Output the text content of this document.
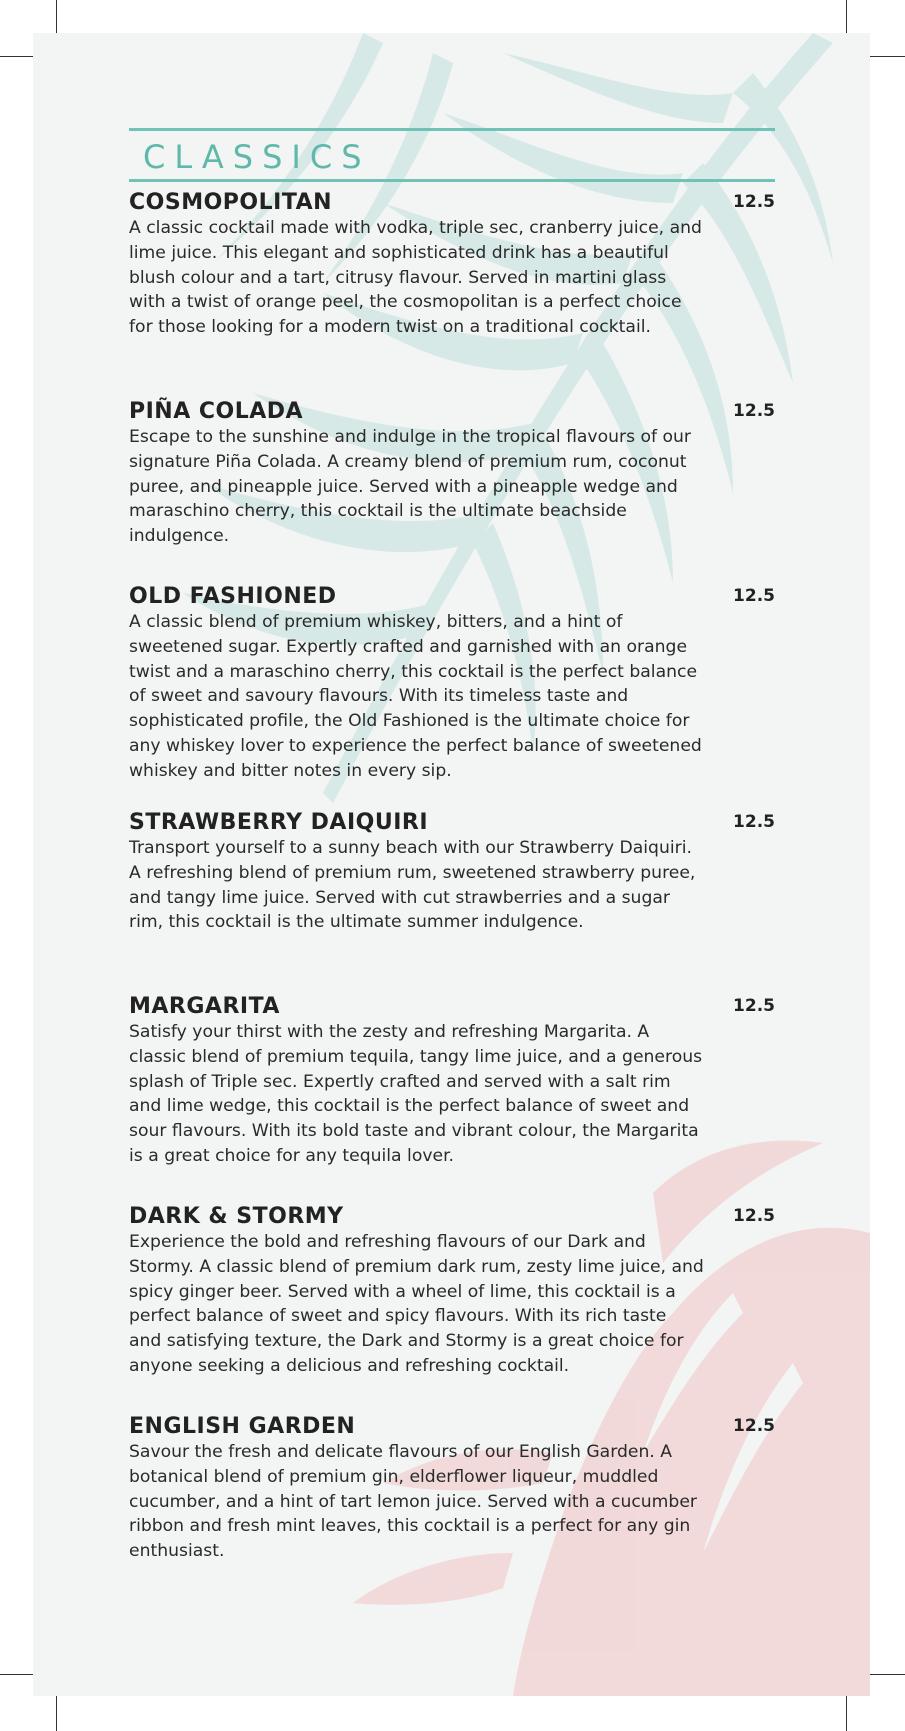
CLASSICS
COSMOPOLITAN	12.5

A classic cocktail made with vodka, triple sec, cranberry juice, and lime juice. This elegant and sophisticated drink has a beautiful blush colour and a tart, citrusy flavour. Served in martini glass with a twist of orange peel, the cosmopolitan is a perfect choice for those looking for a modern twist on a traditional cocktail.

PIÑA COLADA	12.5

Escape to the sunshine and indulge in the tropical flavours of our signature Piña Colada. A creamy blend of premium rum, coconut puree, and pineapple juice. Served with a pineapple wedge and maraschino cherry, this cocktail is the ultimate beachside indulgence.

OLD FASHIONED	12.5

A classic blend of premium whiskey, bitters, and a hint of sweetened sugar. Expertly crafted and garnished with an orange twist and a maraschino cherry, this cocktail is the perfect balance of sweet and savoury flavours. With its timeless taste and sophisticated profile, the Old Fashioned is the ultimate choice for any whiskey lover to experience the perfect balance of sweetened whiskey and bitter notes in every sip.

STRAWBERRY DAIQUIRI	12.5

Transport yourself to a sunny beach with our Strawberry Daiquiri. A refreshing blend of premium rum, sweetened strawberry puree, and tangy lime juice. Served with cut strawberries and a sugar rim, this cocktail is the ultimate summer indulgence.

MARGARITA	12.5

Satisfy your thirst with the zesty and refreshing Margarita. A classic blend of premium tequila, tangy lime juice, and a generous splash of Triple sec. Expertly crafted and served with a salt rim and lime wedge, this cocktail is the perfect balance of sweet and sour flavours. With its bold taste and vibrant colour, the Margarita is a great choice for any tequila lover.

DARK & STORMY	12.5

Experience the bold and refreshing flavours of our Dark and Stormy. A classic blend of premium dark rum, zesty lime juice, and spicy ginger beer. Served with a wheel of lime, this cocktail is a perfect balance of sweet and spicy flavours. With its rich taste and satisfying texture, the Dark and Stormy is a great choice for anyone seeking a delicious and refreshing cocktail.

ENGLISH GARDEN	12.5

Savour the fresh and delicate flavours of our English Garden. A botanical blend of premium gin, elderflower liqueur, muddled cucumber, and a hint of tart lemon juice. Served with a cucumber ribbon and fresh mint leaves, this cocktail is a perfect for any gin enthusiast.
